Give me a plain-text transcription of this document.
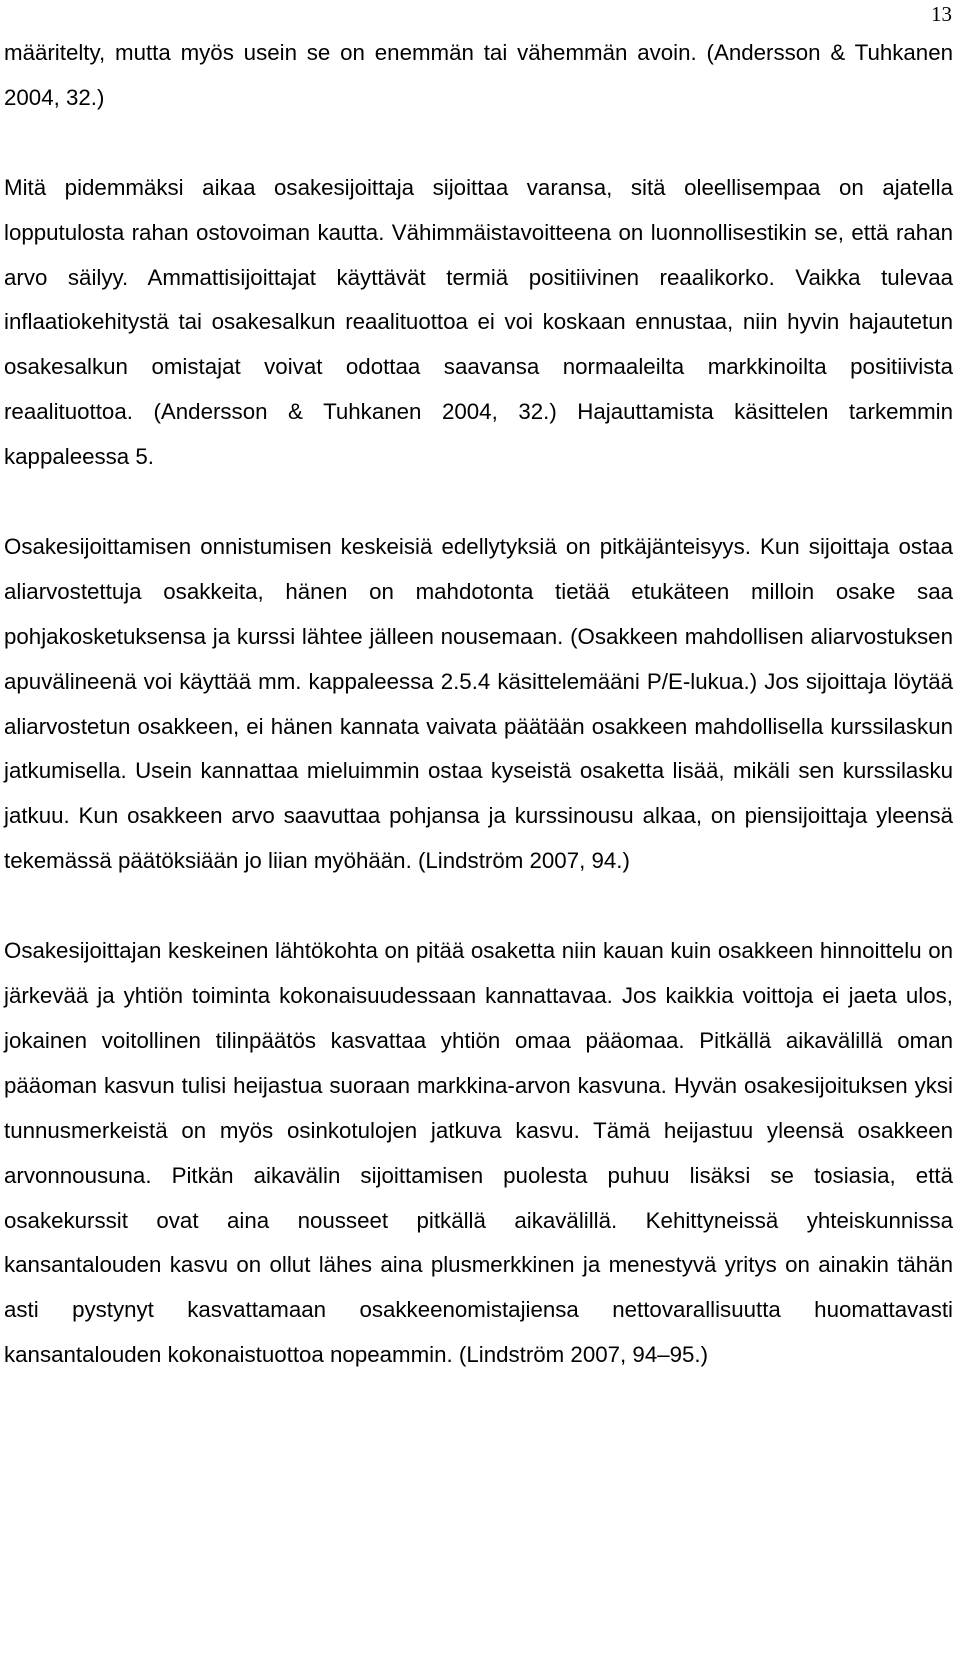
13

määritelty, mutta myös usein se on enemmän tai vähemmän avoin. (Andersson & Tuhkanen 2004, 32.)

Mitä pidemmäksi aikaa osakesijoittaja sijoittaa varansa, sitä oleellisempaa on ajatella lopputulosta rahan ostovoiman kautta. Vähimmäistavoitteena on luonnollisestikin se, että rahan arvo säilyy. Ammattisijoittajat käyttävät termiä positiivinen reaalikorko. Vaikka tulevaa inflaatiokehitystä tai osakesalkun reaalituottoa ei voi koskaan ennustaa, niin hyvin hajautetun osakesalkun omistajat voivat odottaa saavansa normaaleilta markkinoilta positiivista reaalituottoa. (Andersson & Tuhkanen 2004, 32.) Hajauttamista käsittelen tarkemmin kappaleessa 5.

Osakesijoittamisen onnistumisen keskeisiä edellytyksiä on pitkäjänteisyys. Kun sijoittaja ostaa aliarvostettuja osakkeita, hänen on mahdotonta tietää etukäteen milloin osake saa pohjakosketuksensa ja kurssi lähtee jälleen nousemaan. (Osakkeen mahdollisen aliarvostuksen apuvälineenä voi käyttää mm. kappaleessa 2.5.4 käsittelemääni P/E-lukua.) Jos sijoittaja löytää aliarvostetun osakkeen, ei hänen kannata vaivata päätään osakkeen mahdollisella kurssilaskun jatkumisella. Usein kannattaa mieluimmin ostaa kyseistä osaketta lisää, mikäli sen kurssilasku jatkuu. Kun osakkeen arvo saavuttaa pohjansa ja kurssinousu alkaa, on piensijoittaja yleensä tekemässä päätöksiään jo liian myöhään. (Lindström 2007, 94.)

Osakesijoittajan keskeinen lähtökohta on pitää osaketta niin kauan kuin osakkeen hinnoittelu on järkevää ja yhtiön toiminta kokonaisuudessaan kannattavaa. Jos kaikkia voittoja ei jaeta ulos, jokainen voitollinen tilinpäätös kasvattaa yhtiön omaa pääomaa. Pitkällä aikavälillä oman pääoman kasvun tulisi heijastua suoraan markkina-arvon kasvuna. Hyvän osakesijoituksen yksi tunnusmerkeistä on myös osinkotulojen jatkuva kasvu. Tämä heijastuu yleensä osakkeen arvonnousuna. Pitkän aikavälin sijoittamisen puolesta puhuu lisäksi se tosiasia, että osakekurssit ovat aina nousseet pitkällä aikavälillä. Kehittyneissä yhteiskunnissa kansantalouden kasvu on ollut lähes aina plusmerkkinen ja menestyvä yritys on ainakin tähän asti pystynyt kasvattamaan osakkeenomistajiensa nettovarallisuutta huomattavasti kansantalouden kokonaistuottoa nopeammin. (Lindström 2007, 94–95.)
